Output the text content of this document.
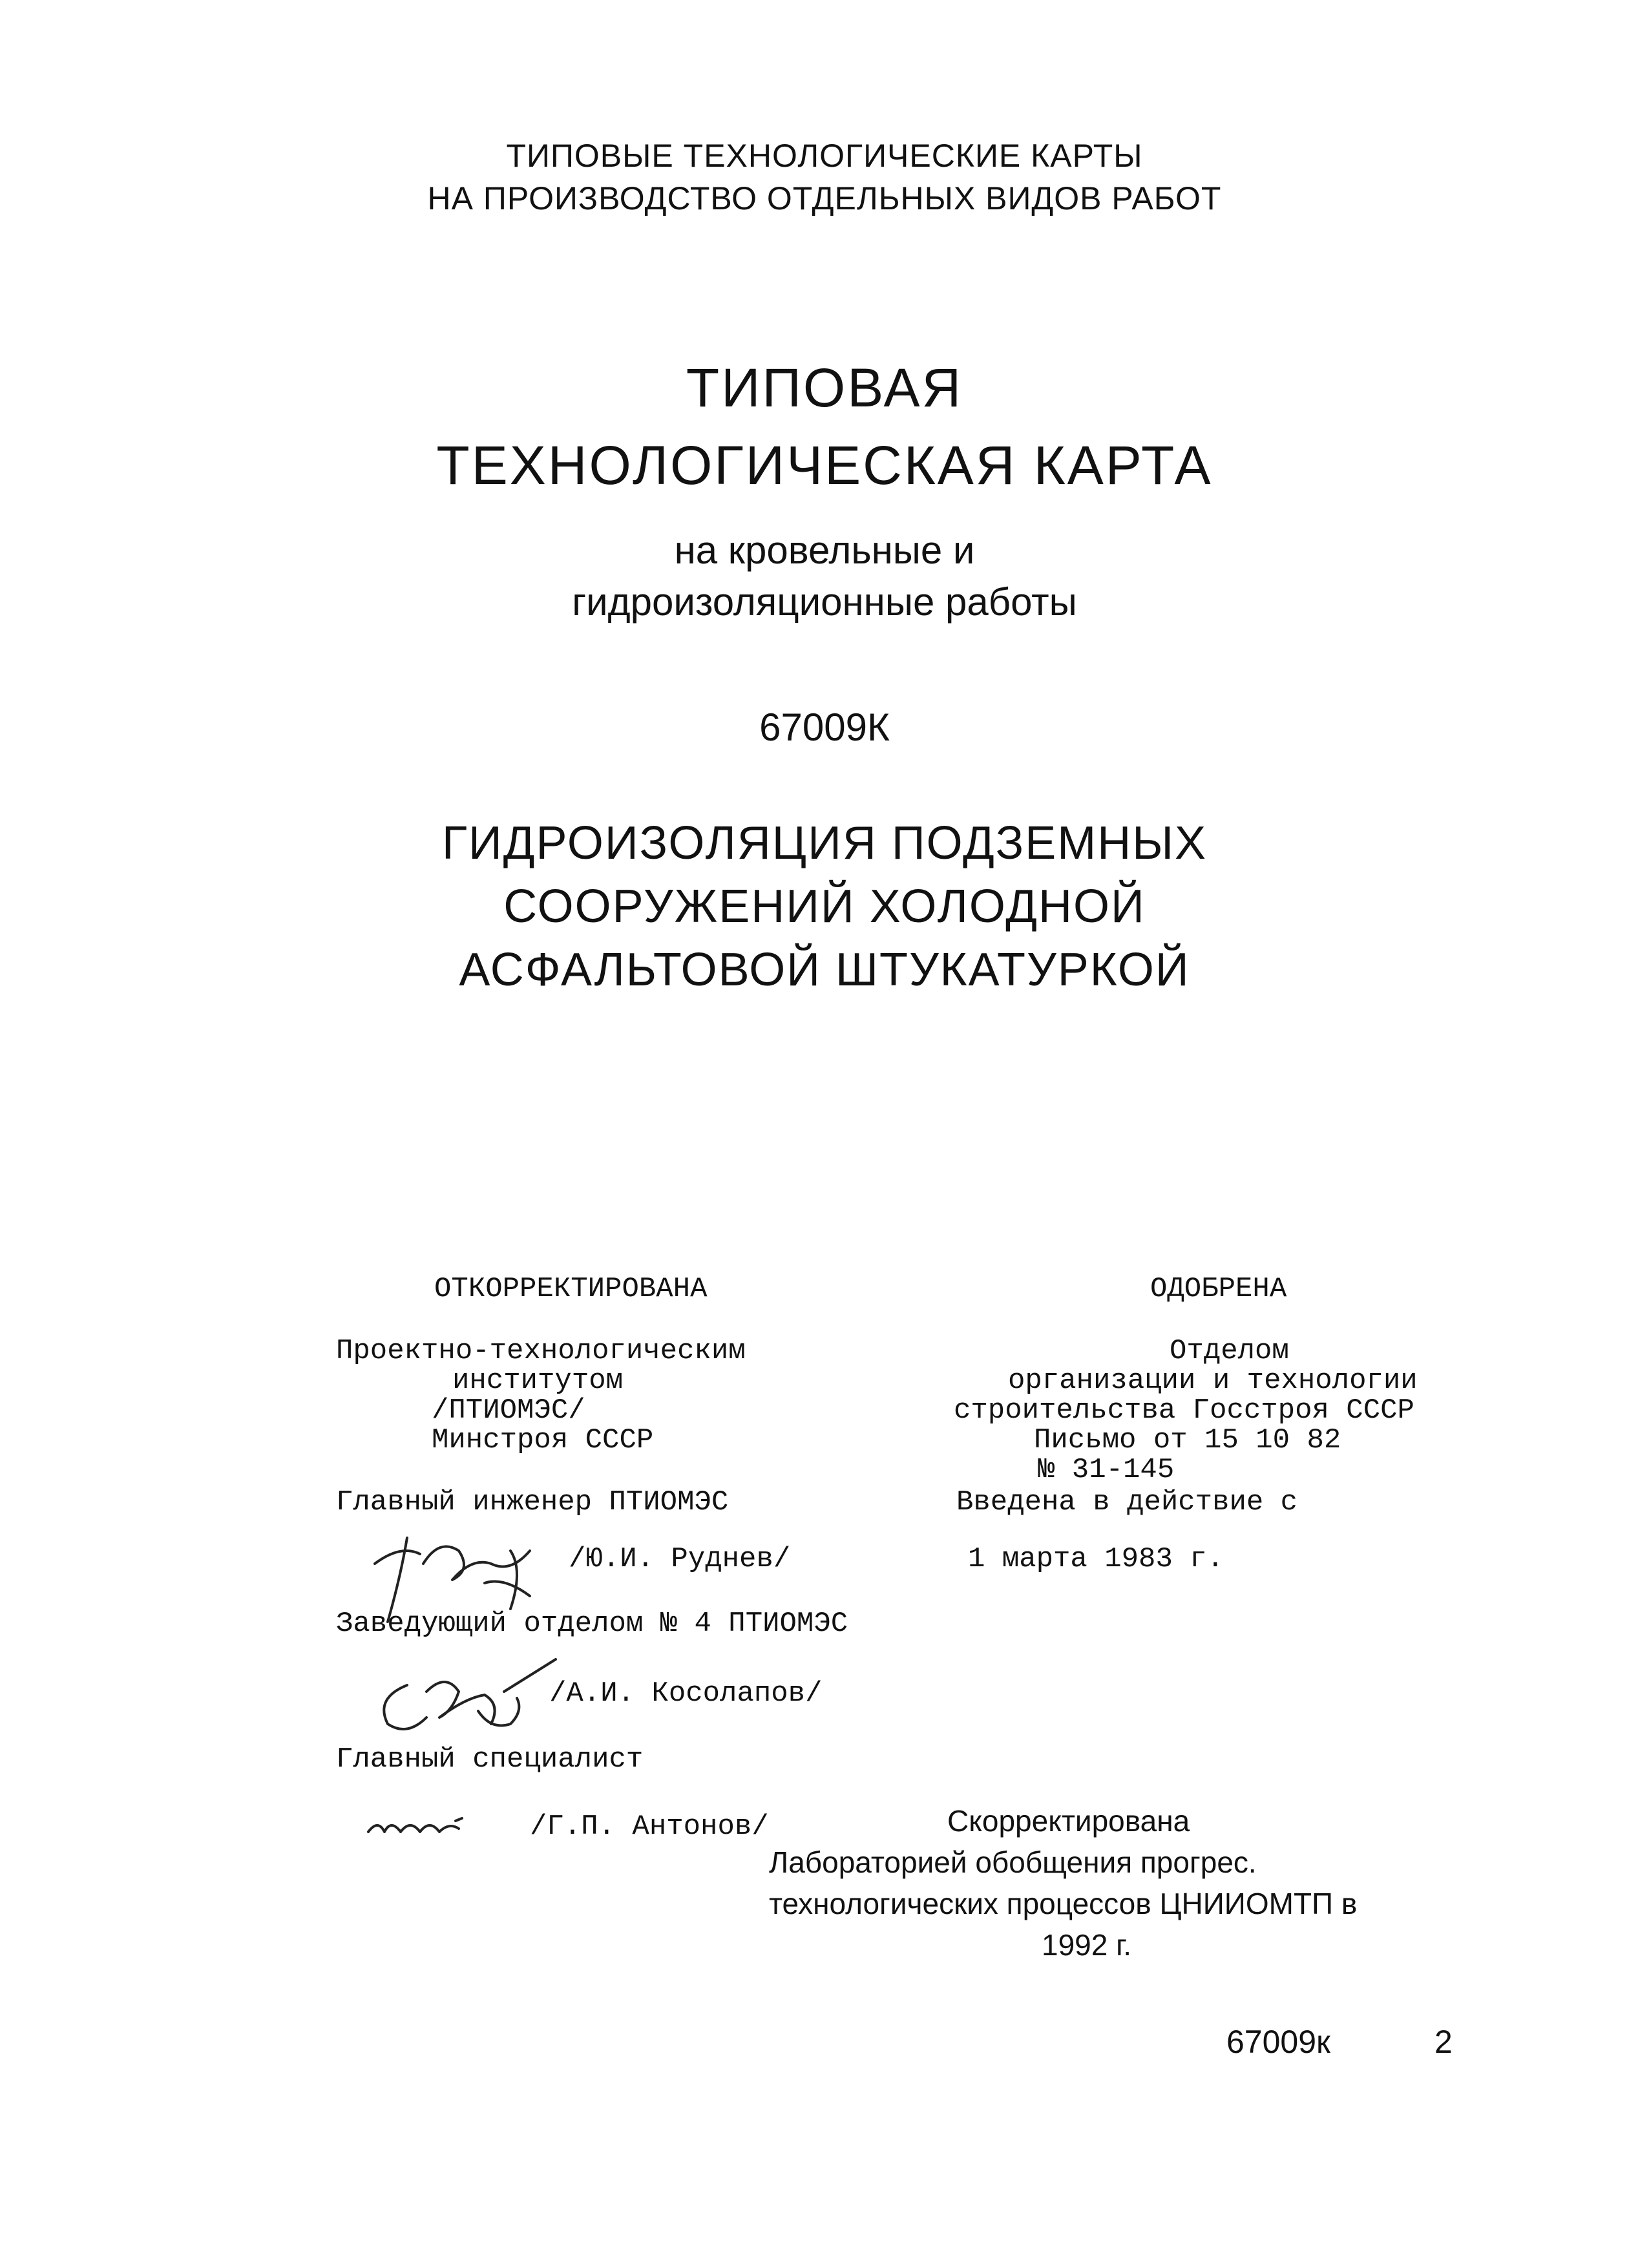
ТИПОВЫЕ ТЕХНОЛОГИЧЕСКИЕ КАРТЫ
НА ПРОИЗВОДСТВО ОТДЕЛЬНЫХ ВИДОВ РАБОТ
ТИПОВАЯ
ТЕХНОЛОГИЧЕСКАЯ КАРТА
на кровельные и
гидроизоляционные работы
67009К
ГИДРОИЗОЛЯЦИЯ ПОДЗЕМНЫХ
СООРУЖЕНИЙ ХОЛОДНОЙ
АСФАЛЬТОВОЙ ШТУКАТУРКОЙ
ОТКОРРЕКТИРОВАНА
Проектно-технологическим
институтом
/ПТИОМЭС/
Минстроя СССР
Главный инженер ПТИОМЭС
/Ю.И. Руднев/
Заведующий отделом № 4 ПТИОМЭС
/А.И. Косолапов/
Главный специалист
/Г.П. Антонов/
ОДОБРЕНА
Отделом
организации и технологии
строительства Госстроя СССР
Письмо от 15 10 82
№ 31-145
Введена в действие с
1 марта 1983 г.
Скорректирована
Лабораторией обобщения прогрес.
технологических процессов ЦНИИОМТП в
1992 г.
67009к	2
